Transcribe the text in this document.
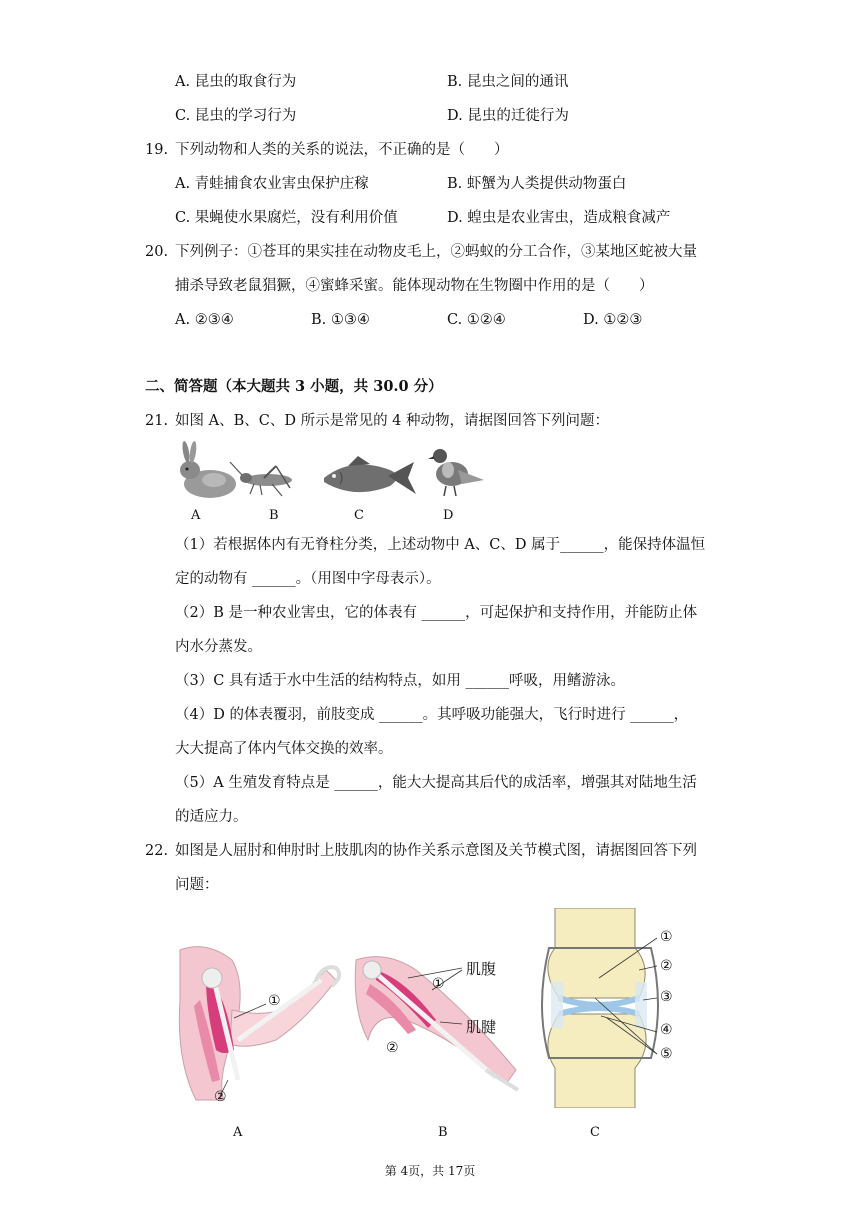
A. 昆虫的取食行为	B. 昆虫之间的通讯
C. 昆虫的学习行为	D. 昆虫的迁徙行为
19. 下列动物和人类的关系的说法，不正确的是（　　）
A. 青蛙捕食农业害虫保护庄稼	B. 虾蟹为人类提供动物蛋白
C. 果蝇使水果腐烂，没有利用价值	D. 蝗虫是农业害虫，造成粮食减产
20. 下列例子：①苍耳的果实挂在动物皮毛上，②蚂蚁的分工合作，③某地区蛇被大量
捕杀导致老鼠猖獗，④蜜蜂采蜜。能体现动物在生物圈中作用的是（　　）
A. ②③④	B. ①③④	C. ①②④	D. ①②③
二、简答题（本大题共 3 小题，共 30.0 分）
21. 如图 A、B、C、D 所示是常见的 4 种动物，请据图回答下列问题：
A	B	C	D
（1）若根据体内有无脊柱分类，上述动物中 A、C、D 属于______，能保持体温恒
定的动物有 ______。（用图中字母表示）。
（2）B 是一种农业害虫，它的体表有 ______，可起保护和支持作用，并能防止体
内水分蒸发。
（3）C 具有适于水中生活的结构特点，如用 ______呼吸，用鳍游泳。
（4）D 的体表覆羽，前肢变成 ______。其呼吸功能强大，飞行时进行 ______，
大大提高了体内气体交换的效率。
（5）A 生殖发育特点是 ______，能大大提高其后代的成活率，增强其对陆地生活
的适应力。
22. 如图是人屈肘和伸肘时上肢肌肉的协作关系示意图及关节模式图，请据图回答下列
问题：
①
②
肌腹
肌腱
①
②
①
②
③
④
⑤
A	B	C
第 4页，共 17页
